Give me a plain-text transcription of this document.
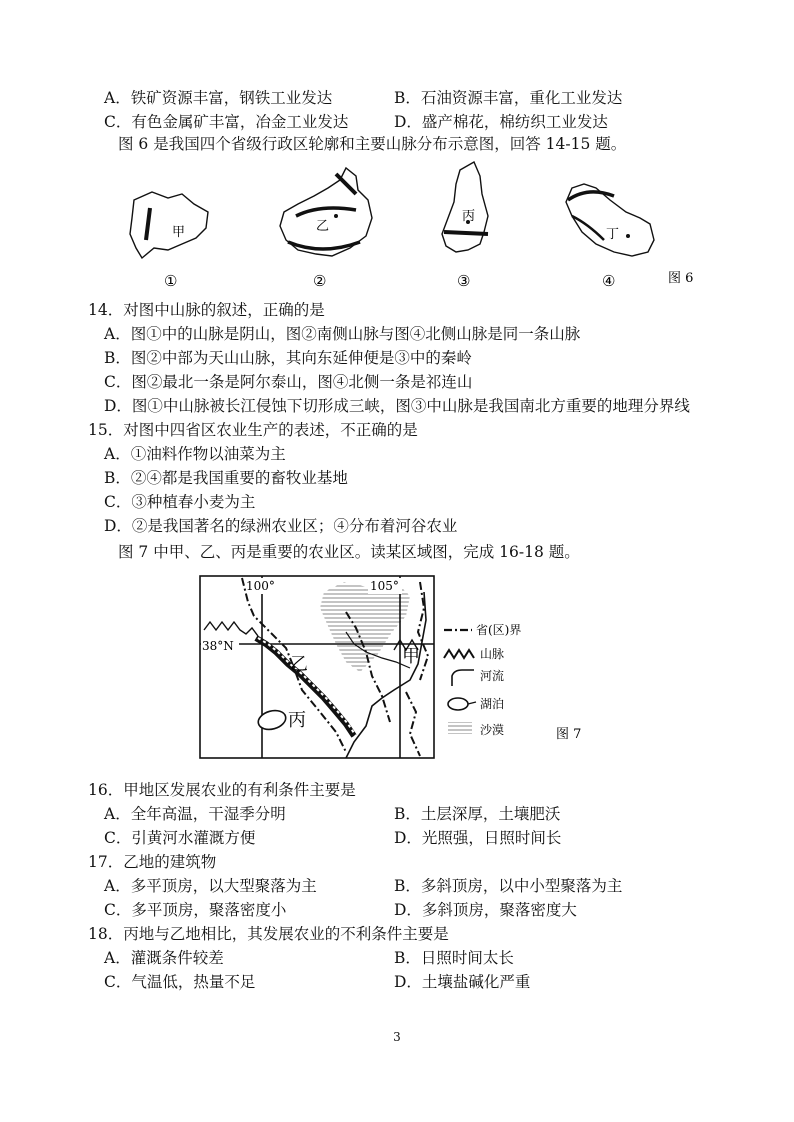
A．铁矿资源丰富，钢铁工业发达	B．石油资源丰富，重化工业发达
C．有色金属矿丰富，冶金工业发达	D．盛产棉花，棉纺织工业发达
图 6 是我国四个省级行政区轮廓和主要山脉分布示意图，回答 14-15 题。
甲
①
乙
②
丙
③
丁
④	图 6
14．对图中山脉的叙述，正确的是
A．图①中的山脉是阴山，图②南侧山脉与图④北侧山脉是同一条山脉
B．图②中部为天山山脉，其向东延伸便是③中的秦岭
C．图②最北一条是阿尔泰山，图④北侧一条是祁连山
D．图①中山脉被长江侵蚀下切形成三峡，图③中山脉是我国南北方重要的地理分界线
15．对图中四省区农业生产的表述，不正确的是
A．①油料作物以油菜为主
B．②④都是我国重要的畜牧业基地
C．③种植春小麦为主
D．②是我国著名的绿洲农业区；④分布着河谷农业
图 7 中甲、乙、丙是重要的农业区。读某区域图，完成 16-18 题。
100°	105°
38°N
乙	甲
丙
省(区)界
山脉
河流
湖泊
沙漠	图 7
16．甲地区发展农业的有利条件主要是
A．全年高温，干湿季分明	B．土层深厚，土壤肥沃
C．引黄河水灌溉方便	D．光照强，日照时间长
17．乙地的建筑物
A．多平顶房，以大型聚落为主	B．多斜顶房，以中小型聚落为主
C．多平顶房，聚落密度小	D．多斜顶房，聚落密度大
18．丙地与乙地相比，其发展农业的不利条件主要是
A．灌溉条件较差	B．日照时间太长
C．气温低，热量不足	D．土壤盐碱化严重
3
